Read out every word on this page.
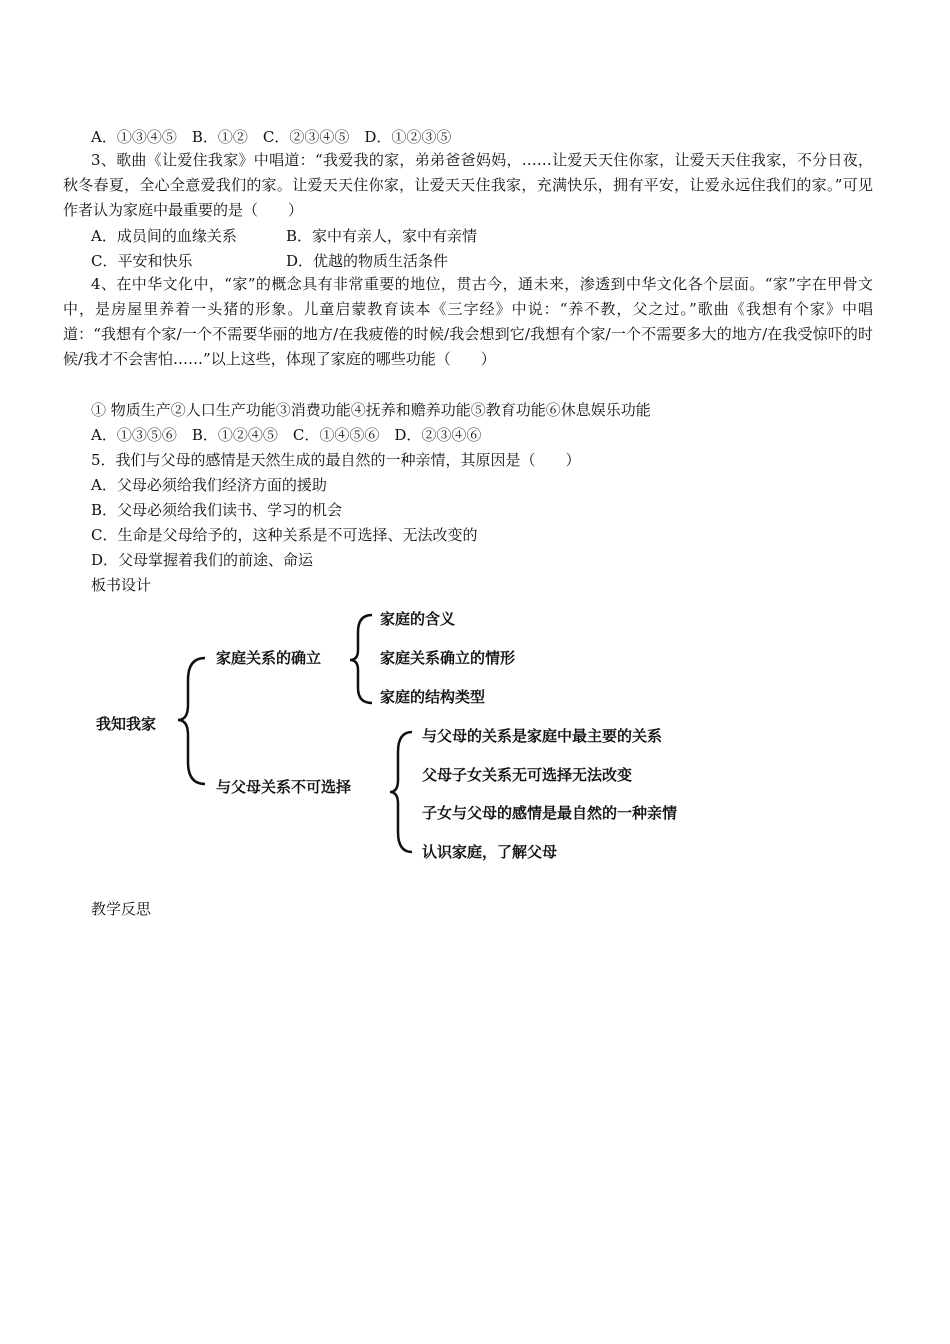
A．①③④⑤　B．①②　C．②③④⑤　D．①②③⑤
3、歌曲《让爱住我家》中唱道：“我爱我的家，弟弟爸爸妈妈，……让爱天天住你家，让爱天天住我家，不分日夜，秋冬春夏，全心全意爱我们的家。让爱天天住你家，让爱天天住我家，充满快乐，拥有平安，让爱永远住我们的家。”可见作者认为家庭中最重要的是（　　）
A．成员间的血缘关系	B．家中有亲人，家中有亲情
C．平安和快乐	D．优越的物质生活条件
4、在中华文化中，“家”的概念具有非常重要的地位，贯古今，通未来，渗透到中华文化各个层面。“家”字在甲骨文中，是房屋里养着一头猪的形象。儿童启蒙教育读本《三字经》中说：“养不教，父之过。”歌曲《我想有个家》中唱道：“我想有个家/一个不需要华丽的地方/在我疲倦的时候/我会想到它/我想有个家/一个不需要多大的地方/在我受惊吓的时候/我才不会害怕……”以上这些，体现了家庭的哪些功能（　　）
① 物质生产②人口生产功能③消费功能④抚养和赡养功能⑤教育功能⑥休息娱乐功能
A．①③⑤⑥　B．①②④⑤　C．①④⑤⑥　D．②③④⑥
5．我们与父母的感情是天然生成的最自然的一种亲情，其原因是（　　）
A．父母必须给我们经济方面的援助
B．父母必须给我们读书、学习的机会
C．生命是父母给予的，这种关系是不可选择、无法改变的
D．父母掌握着我们的前途、命运
板书设计
我知我家
家庭关系的确立
家庭的含义
家庭关系确立的情形
家庭的结构类型
与父母关系不可选择
与父母的关系是家庭中最主要的关系
父母子女关系无可选择无法改变
子女与父母的感情是最自然的一种亲情
认识家庭，了解父母
教学反思
